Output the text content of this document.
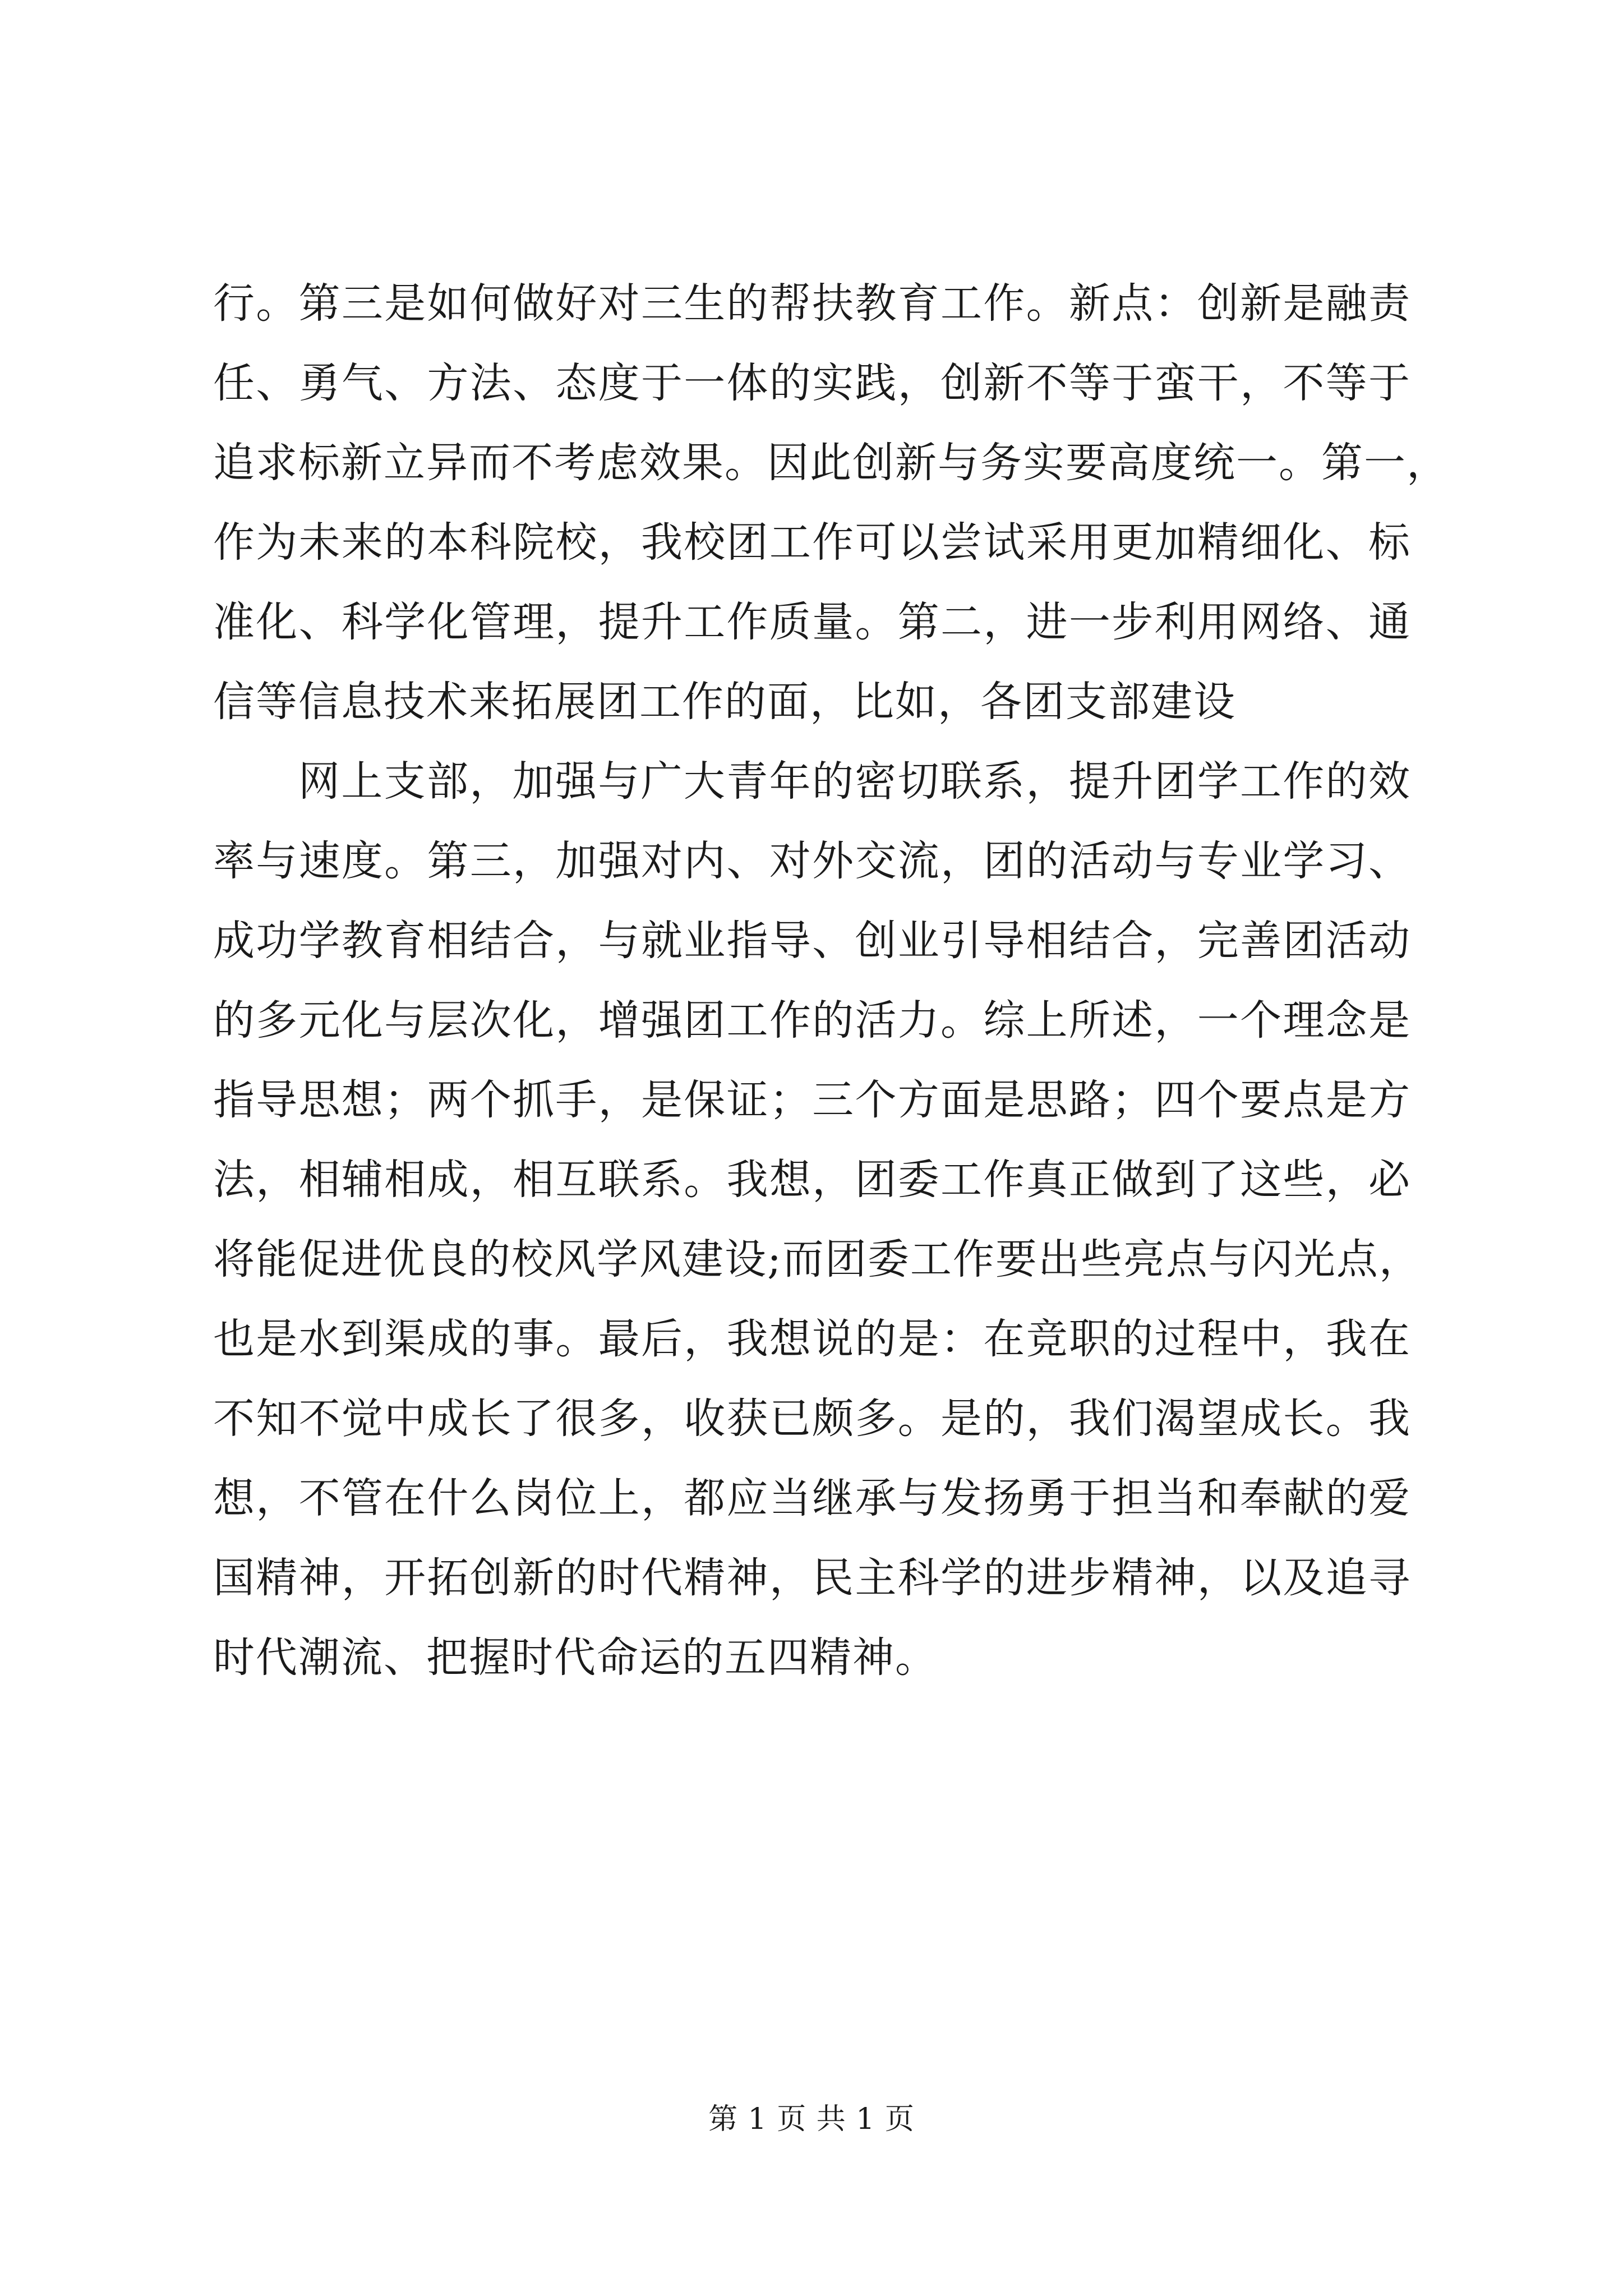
行。第三是如何做好对三生的帮扶教育工作。新点：创新是融责
任、勇气、方法、态度于一体的实践，创新不等于蛮干，不等于
追求标新立异而不考虑效果。因此创新与务实要高度统一。第一，
作为未来的本科院校，我校团工作可以尝试采用更加精细化、标
准化、科学化管理，提升工作质量。第二，进一步利用网络、通
信等信息技术来拓展团工作的面，比如，各团支部建设
网上支部，加强与广大青年的密切联系，提升团学工作的效
率与速度。第三，加强对内、对外交流，团的活动与专业学习、
成功学教育相结合，与就业指导、创业引导相结合，完善团活动
的多元化与层次化，增强团工作的活力。综上所述，一个理念是
指导思想；两个抓手，是保证；三个方面是思路；四个要点是方
法，相辅相成，相互联系。我想，团委工作真正做到了这些，必
将能促进优良的校风学风建设;而团委工作要出些亮点与闪光点，
也是水到渠成的事。最后，我想说的是：在竞职的过程中，我在
不知不觉中成长了很多，收获已颇多。是的，我们渴望成长。我
想，不管在什么岗位上，都应当继承与发扬勇于担当和奉献的爱
国精神，开拓创新的时代精神，民主科学的进步精神，以及追寻
时代潮流、把握时代命运的五四精神。
第 1 页 共 1 页
